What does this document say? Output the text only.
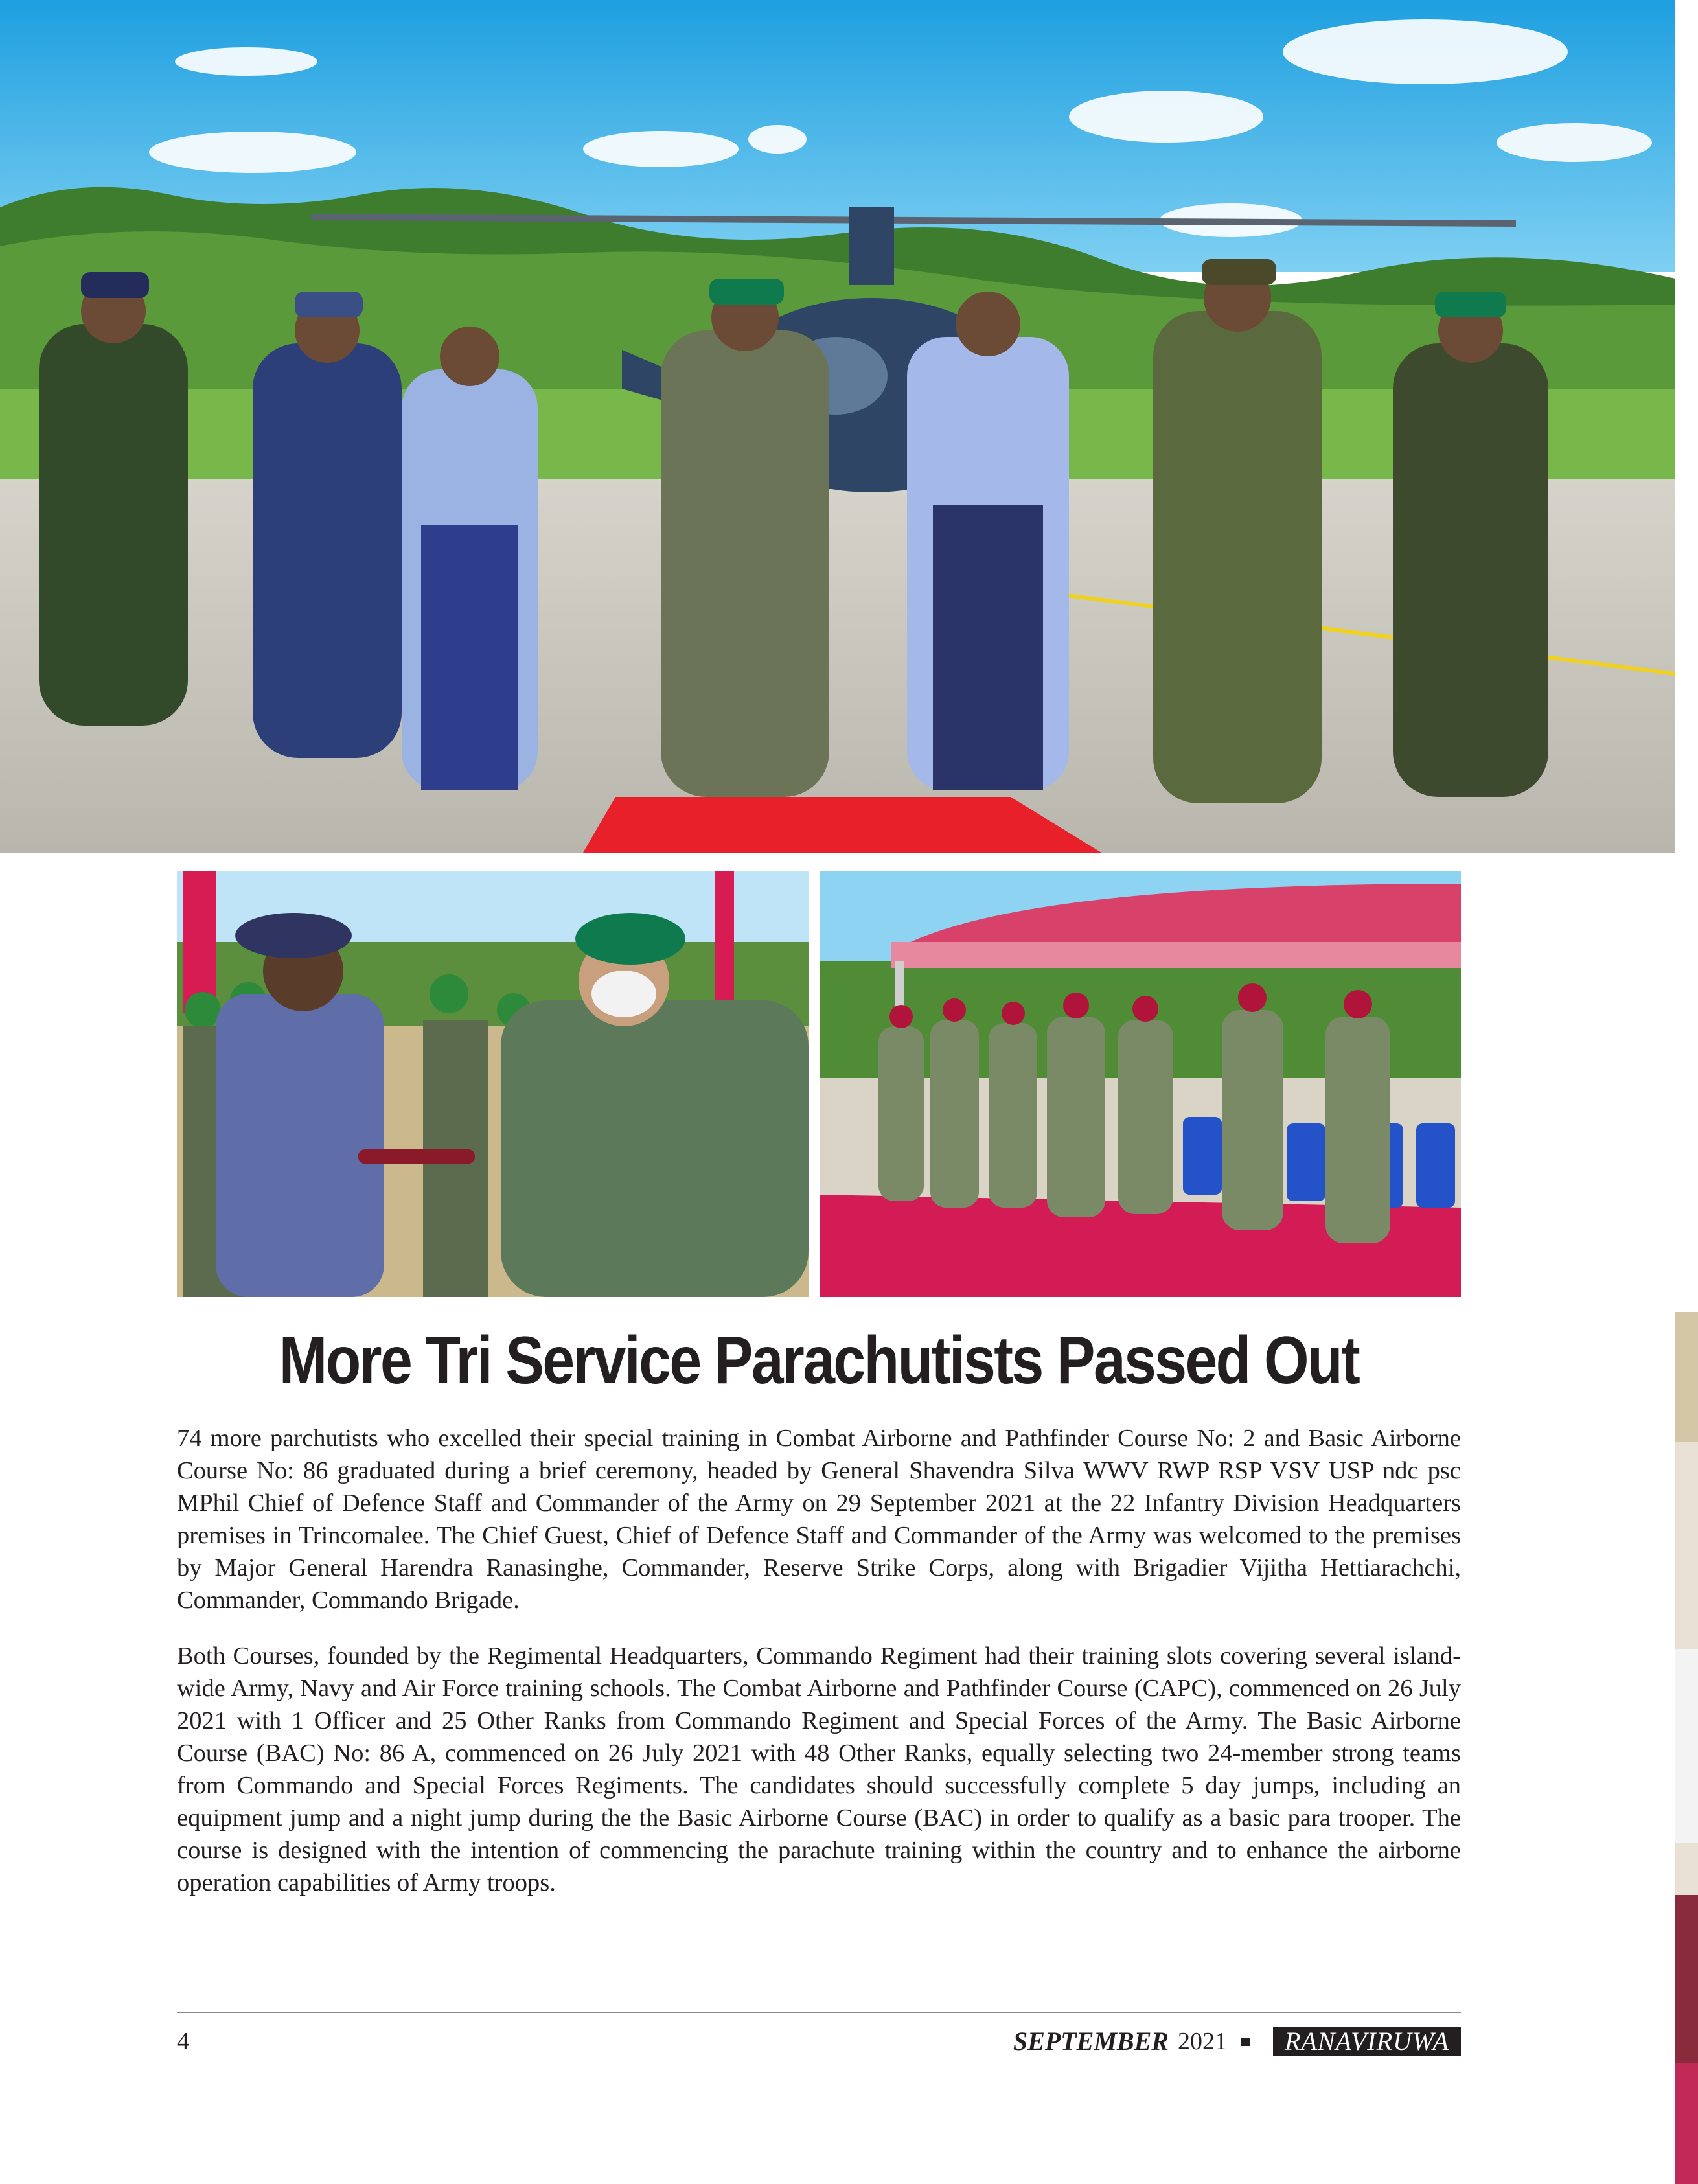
More Tri Service Parachutists Passed Out

74 more parchutists who excelled their special training in Combat Airborne and Pathfinder Course No: 2 and Basic Airborne Course No: 86 graduated during a brief ceremony, headed by General Shavendra Silva WWV RWP RSP VSV USP ndc psc MPhil Chief of Defence Staff and Commander of the Army on 29 September 2021 at the 22 Infantry Division Headquarters premises in Trincomalee. The Chief Guest, Chief of Defence Staff and Commander of the Army was welcomed to the premises by Major General Harendra Ranasinghe, Commander, Reserve Strike Corps, along with Brigadier Vijitha Hettiarachchi, Commander, Commando Brigade.

Both Courses, founded by the Regimental Headquarters, Commando Regiment had their training slots covering several island-wide Army, Navy and Air Force training schools. The Combat Airborne and Pathfinder Course (CAPC), commenced on 26 July 2021 with 1 Officer and 25 Other Ranks from Commando Regiment and Special Forces of the Army. The Basic Airborne Course (BAC) No: 86 A, commenced on 26 July 2021 with 48 Other Ranks, equally selecting two 24-member strong teams from Commando and Special Forces Regiments. The candidates should successfully complete 5 day jumps, including an equipment jump and a night jump during the the Basic Airborne Course (BAC) in order to qualify as a basic para trooper. The course is designed with the intention of commencing the parachute training within the country and to enhance the airborne operation capabilities of Army troops.

4	SEPTEMBER 2021	RANAVIRUWA
